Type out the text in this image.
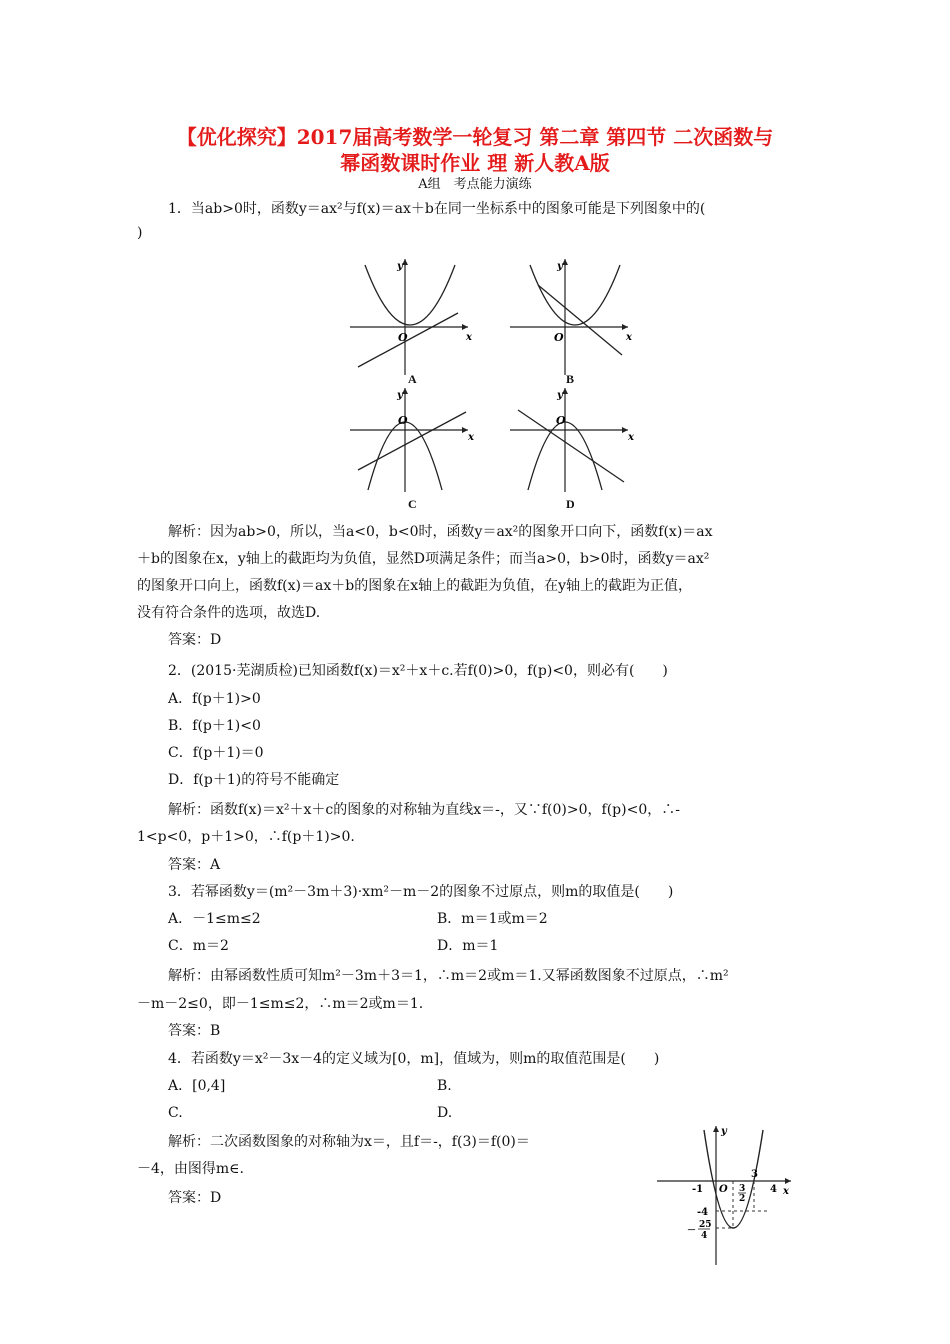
【优化探究】2017届高考数学一轮复习 第二章 第四节 二次函数与
幂函数课时作业 理 新人教A版
A组　考点能力演练
1．当ab>0时，函数y＝ax²与f(x)＝ax＋b在同一坐标系中的图象可能是下列图象中的(
)
O	x
y
A
O	x
y
B
O
x
y
C
O
x
y
D
解析：因为ab>0，所以，当a<0，b<0时，函数y＝ax²的图象开口向下，函数f(x)＝ax
＋b的图象在x，y轴上的截距均为负值，显然D项满足条件；而当a>0，b>0时，函数y＝ax²
的图象开口向上，函数f(x)＝ax＋b的图象在x轴上的截距为负值，在y轴上的截距为正值，
没有符合条件的选项，故选D.
答案：D
2．(2015·芜湖质检)已知函数f(x)＝x²＋x＋c.若f(0)>0，f(p)<0，则必有(　　)
A．f(p＋1)>0
B．f(p＋1)<0
C．f(p＋1)＝0
D．f(p＋1)的符号不能确定
解析：函数f(x)＝x²＋x＋c的图象的对称轴为直线x＝-，又∵f(0)>0，f(p)<0，∴-
1<p<0，p＋1>0，∴f(p＋1)>0.
答案：A
3．若幂函数y＝(m²－3m＋3)·xm²－m－2的图象不过原点，则m的取值是(　　)
A．－1≤m≤2	B．m＝1或m＝2
C．m＝2	D．m＝1
解析：由幂函数性质可知m²－3m＋3＝1，∴m＝2或m＝1.又幂函数图象不过原点，∴m²
－m－2≤0，即－1≤m≤2，∴m＝2或m＝1.
答案：B
4．若函数y＝x²－3x－4的定义域为[0，m]，值域为，则m的取值范围是(　　)
A．[0,4]	B.
C.	D.
解析：二次函数图象的对称轴为x＝，且f＝-，f(3)＝f(0)＝
－4，由图得m∈.
答案：D
y
x
O
-1
3
4
3
2
-4
－
25
4
